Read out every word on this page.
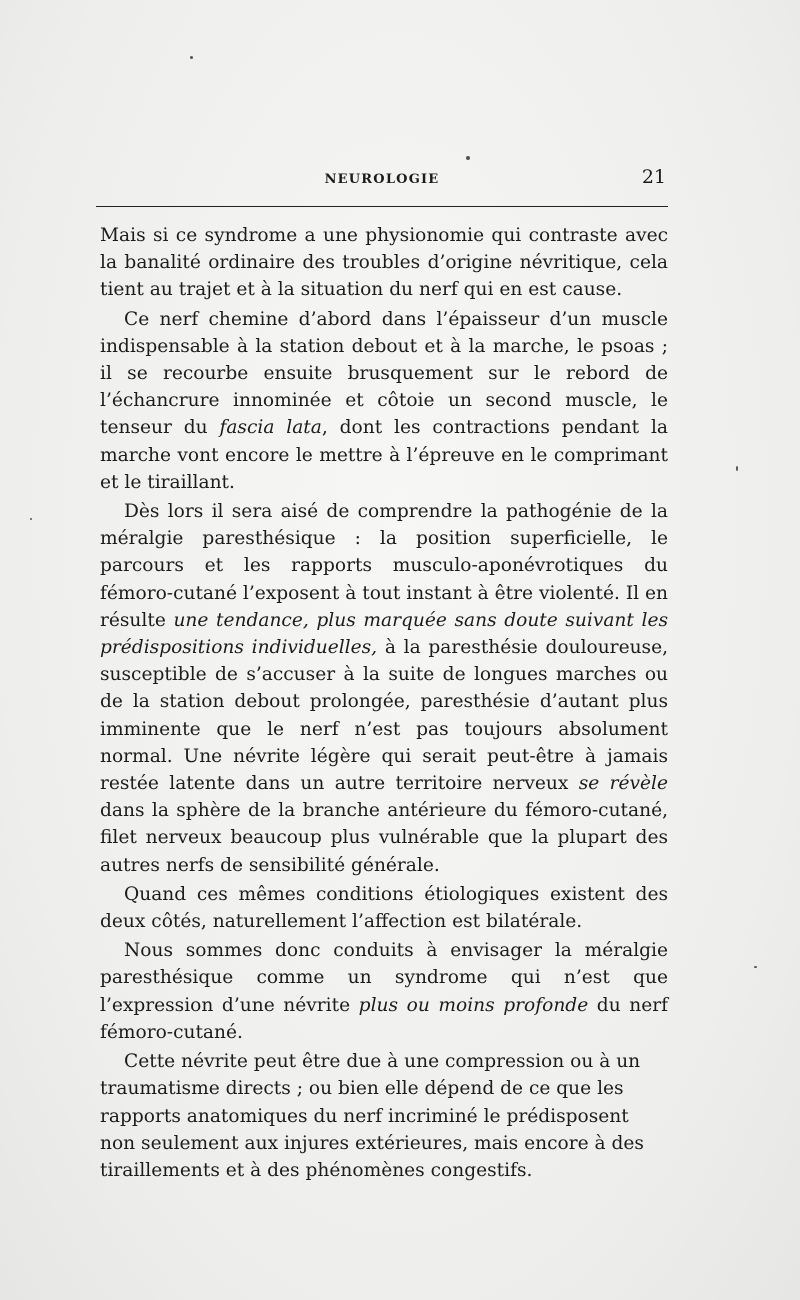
NEUROLOGIE	21

Mais si ce syndrome a une physionomie qui contraste avec la banalité ordinaire des troubles d’origine névritique, cela tient au trajet et à la situation du nerf qui en est cause.

Ce nerf chemine d’abord dans l’épaisseur d’un muscle indispensable à la station debout et à la marche, le psoas ; il se recourbe ensuite brusquement sur le rebord de l’échancrure innominée et côtoie un second muscle, le tenseur du fascia lata, dont les contractions pendant la marche vont encore le mettre à l’épreuve en le comprimant et le tiraillant.

Dès lors il sera aisé de comprendre la pathogénie de la méralgie paresthésique : la position superficielle, le parcours et les rapports musculo-aponévrotiques du fémoro-cutané l’exposent à tout instant à être violenté. Il en résulte une tendance, plus marquée sans doute suivant les prédispositions individuelles, à la paresthésie douloureuse, susceptible de s’accuser à la suite de longues marches ou de la station debout prolongée, paresthésie d’autant plus imminente que le nerf n’est pas toujours absolument normal. Une névrite légère qui serait peut-être à jamais restée latente dans un autre territoire nerveux se révèle dans la sphère de la branche antérieure du fémoro-cutané, filet nerveux beaucoup plus vulnérable que la plupart des autres nerfs de sensibilité générale.

Quand ces mêmes conditions étiologiques existent des deux côtés, naturellement l’affection est bilatérale.

Nous sommes donc conduits à envisager la méralgie paresthésique comme un syndrome qui n’est que l’expression d’une névrite plus ou moins profonde du nerf fémoro-cutané.

Cette névrite peut être due à une compression ou à un traumatisme directs ; ou bien elle dépend de ce que les rapports anatomiques du nerf incriminé le prédisposent non seulement aux injures extérieures, mais encore à des tiraillements et à des phénomènes congestifs.
